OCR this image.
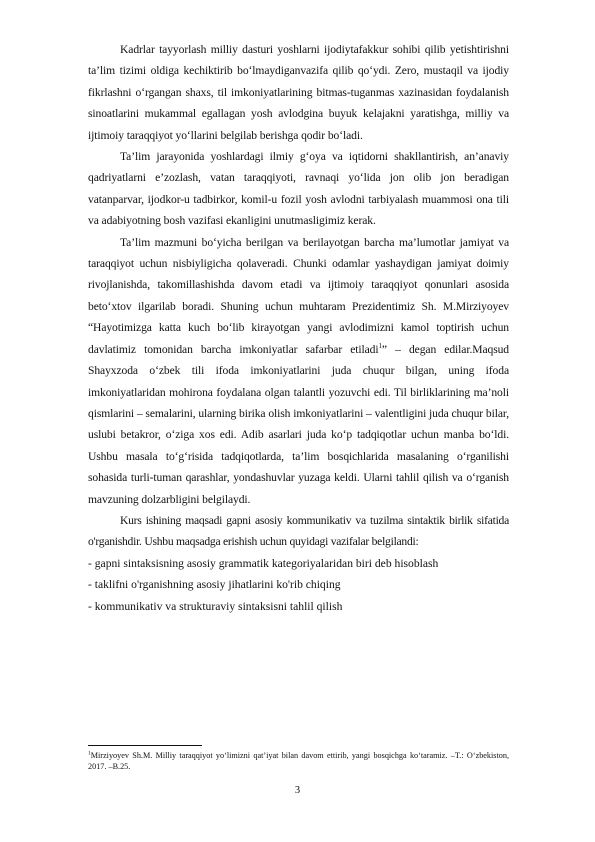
Kadrlar tayyorlash milliy dasturi yoshlarni ijodiytafakkur sohibi qilib yetishtirishni ta’lim tizimi oldiga kechiktirib bo‘lmaydiganvazifa qilib qo‘ydi. Zero, mustaqil va ijodiy fikrlashni o‘rgangan shaxs, til imkoniyatlarining bitmas-tuganmas xazinasidan foydalanish sinoatlarini mukammal egallagan yosh avlodgina buyuk kelajakni yaratishga, milliy va ijtimoiy taraqqiyot yo‘llarini belgilab berishga qodir bo‘ladi.

Ta’lim jarayonida yoshlardagi ilmiy g‘oya va iqtidorni shakllantirish, an’anaviy qadriyatlarni e’zozlash, vatan taraqqiyoti, ravnaqi yo‘lida jon olib jon beradigan vatanparvar, ijodkor-u tadbirkor, komil-u fozil yosh avlodni tarbiyalash muammosi ona tili va adabiyotning bosh vazifasi ekanligini unutmasligimiz kerak.

Ta’lim mazmuni bo‘yicha berilgan va berilayotgan barcha ma’lumotlar jamiyat va taraqqiyot uchun nisbiyligicha qolaveradi. Chunki odamlar yashaydigan jamiyat doimiy rivojlanishda, takomillashishda davom etadi va ijtimoiy taraqqiyot qonunlari asosida beto‘xtov ilgarilab boradi. Shuning uchun muhtaram Prezidentimiz Sh. M.Mirziyoyev “Hayotimizga katta kuch bo‘lib kirayotgan yangi avlodimizni kamol toptirish uchun davlatimiz tomonidan barcha imkoniyatlar safarbar etiladi$^1$” – degan edilar.Maqsud Shayxzoda o‘zbek tili ifoda imkoniyatlarini juda chuqur bilgan, uning ifoda imkoniyatlaridan mohirona foydalana olgan talantli yozuvchi edi. Til birliklarining ma’noli qismlarini – semalarini, ularning birika olish imkoniyatlarini – valentligini juda chuqur bilar, uslubi betakror, o‘ziga xos edi. Adib asarlari juda ko‘p tadqiqotlar uchun manba bo‘ldi. Ushbu masala to‘g‘risida tadqiqotlarda, ta’lim bosqichlarida masalaning o‘rganilishi sohasida turli-tuman qarashlar, yondashuvlar yuzaga keldi. Ularni tahlil qilish va o‘rganish mavzuning dolzarbligini belgilaydi.

Kurs ishining maqsadi gapni asosiy kommunikativ va tuzilma sintaktik birlik sifatida o'rganishdir. Ushbu maqsadga erishish uchun quyidagi vazifalar belgilandi:

- gapni sintaksisning asosiy grammatik kategoriyalaridan biri deb hisoblash

- taklifni o'rganishning asosiy jihatlarini ko'rib chiqing

- kommunikativ va strukturaviy sintaksisni tahlil qilish

$^1$Mirziyoyev Sh.M. Milliy taraqqiyot yo‘limizni qat’iyat bilan davom ettirib, yangi bosqichga ko‘taramiz. –T.: O‘zbekiston, 2017. –B.25.
3
